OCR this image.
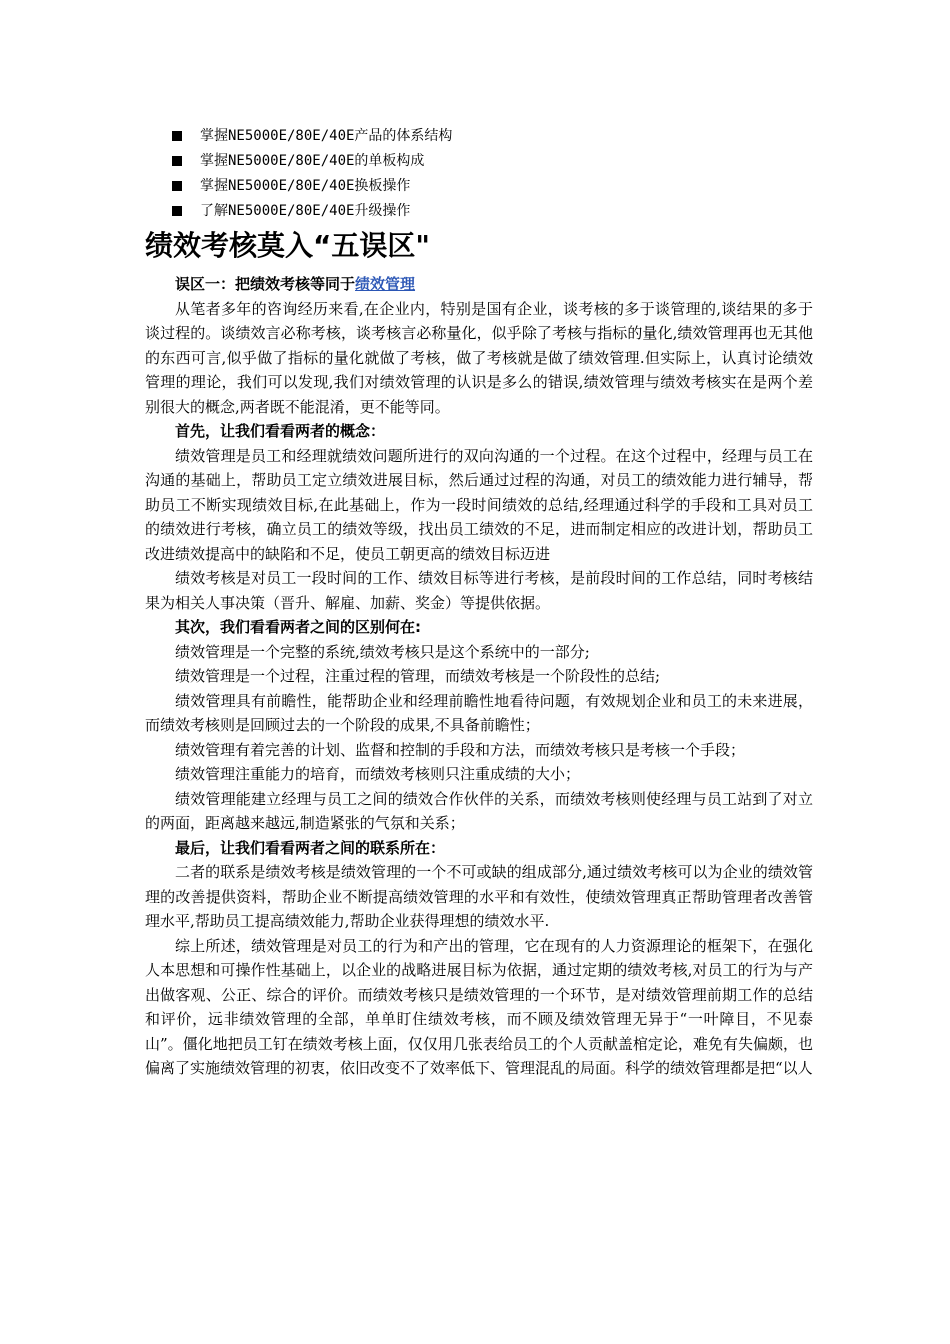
掌握NE5000E/80E/40E产品的体系结构
掌握NE5000E/80E/40E的单板构成
掌握NE5000E/80E/40E换板操作
了解NE5000E/80E/40E升级操作
绩效考核莫入“五误区"

误区一：把绩效考核等同于绩效管理

从笔者多年的咨询经历来看,在企业内，特别是国有企业，谈考核的多于谈管理的,谈结果的多于谈过程的。谈绩效言必称考核，谈考核言必称量化，似乎除了考核与指标的量化,绩效管理再也无其他的东西可言,似乎做了指标的量化就做了考核，做了考核就是做了绩效管理.但实际上，认真讨论绩效管理的理论，我们可以发现,我们对绩效管理的认识是多么的错误,绩效管理与绩效考核实在是两个差别很大的概念,两者既不能混淆，更不能等同。

首先，让我们看看两者的概念：

绩效管理是员工和经理就绩效问题所进行的双向沟通的一个过程。在这个过程中，经理与员工在沟通的基础上，帮助员工定立绩效进展目标，然后通过过程的沟通，对员工的绩效能力进行辅导，帮助员工不断实现绩效目标,在此基础上，作为一段时间绩效的总结,经理通过科学的手段和工具对员工的绩效进行考核，确立员工的绩效等级，找出员工绩效的不足，进而制定相应的改进计划，帮助员工改进绩效提高中的缺陷和不足，使员工朝更高的绩效目标迈进

绩效考核是对员工一段时间的工作、绩效目标等进行考核，是前段时间的工作总结，同时考核结果为相关人事决策（晋升、解雇、加薪、奖金）等提供依据。

其次，我们看看两者之间的区别何在:

绩效管理是一个完整的系统,绩效考核只是这个系统中的一部分;

绩效管理是一个过程，注重过程的管理，而绩效考核是一个阶段性的总结;

绩效管理具有前瞻性，能帮助企业和经理前瞻性地看待问题，有效规划企业和员工的未来进展，而绩效考核则是回顾过去的一个阶段的成果,不具备前瞻性；

绩效管理有着完善的计划、监督和控制的手段和方法，而绩效考核只是考核一个手段；

绩效管理注重能力的培育，而绩效考核则只注重成绩的大小；

绩效管理能建立经理与员工之间的绩效合作伙伴的关系，而绩效考核则使经理与员工站到了对立的两面，距离越来越远,制造紧张的气氛和关系；

最后，让我们看看两者之间的联系所在：

二者的联系是绩效考核是绩效管理的一个不可或缺的组成部分,通过绩效考核可以为企业的绩效管理的改善提供资料，帮助企业不断提高绩效管理的水平和有效性，使绩效管理真正帮助管理者改善管理水平,帮助员工提高绩效能力,帮助企业获得理想的绩效水平.

综上所述，绩效管理是对员工的行为和产出的管理，它在现有的人力资源理论的框架下，在强化人本思想和可操作性基础上，以企业的战略进展目标为依据，通过定期的绩效考核,对员工的行为与产出做客观、公正、综合的评价。而绩效考核只是绩效管理的一个环节，是对绩效管理前期工作的总结和评价，远非绩效管理的全部，单单盯住绩效考核，而不顾及绩效管理无异于“一叶障目，不见泰山”。僵化地把员工钉在绩效考核上面，仅仅用几张表给员工的个人贡献盖棺定论，难免有失偏颇，也偏离了实施绩效管理的初衷，依旧改变不了效率低下、管理混乱的局面。科学的绩效管理都是把“以人
